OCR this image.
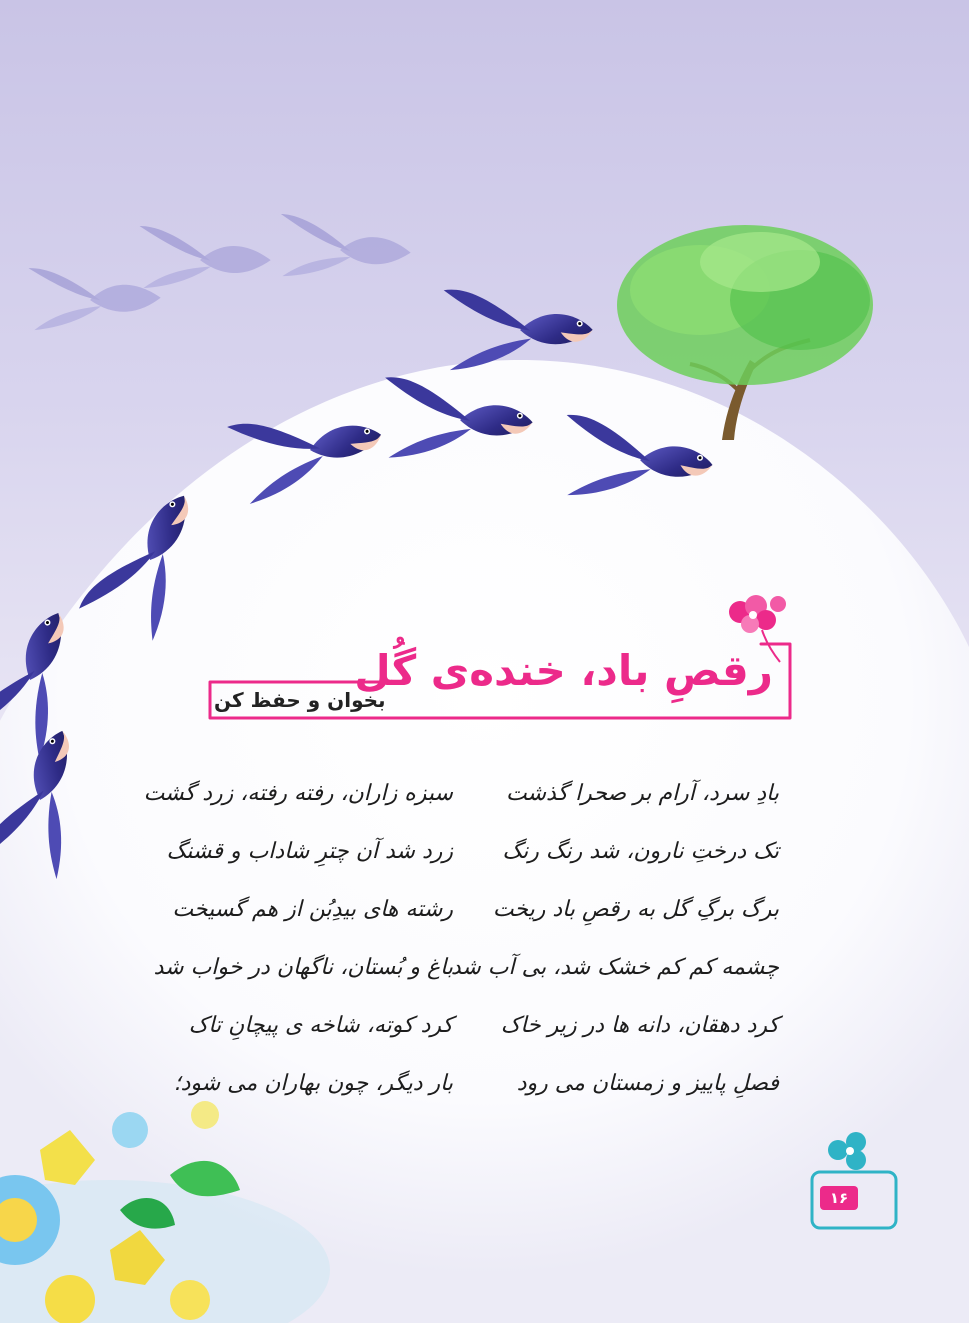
رقصِ باد، خنده‌ی گُل
بخوان و حفظ کن
بادِ سرد، آرام بر صحرا گذشت
تک درختِ نارون، شد رنگ رنگ
برگ برگِ گل به رقصِ باد ریخت
چشمه کم کم خشک شد، بی آب شد
کرد دهقان، دانه ها در زیر خاک
فصلِ پاییز و زمستان می رود
سبزه زاران، رفته رفته، زرد گشت
زرد شد آن چترِ شاداب و قشنگ
رشته های بیدِبُن از هم گسیخت
باغ و بُستان، ناگهان در خواب شد
کرد کوته، شاخه ی پیچانِ تاک
بار دیگر، چون بهاران می شود؛
۱۶
